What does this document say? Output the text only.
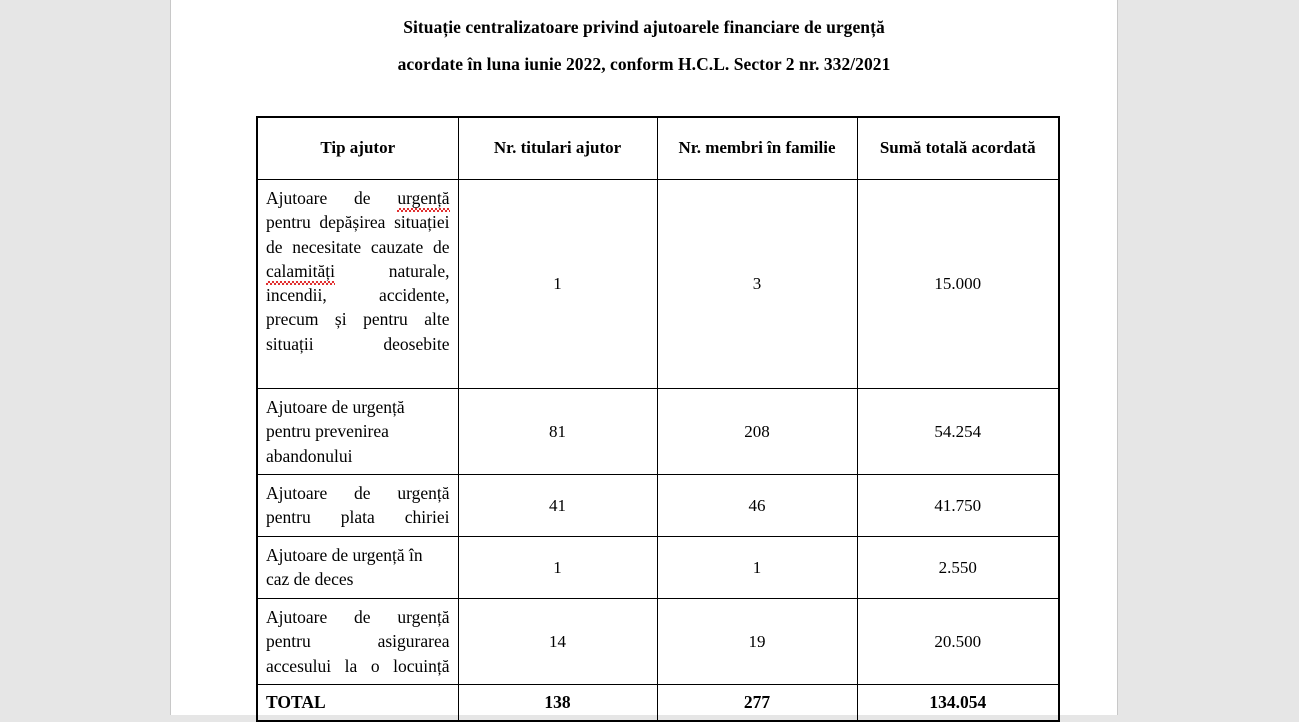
Situație centralizatoare privind ajutoarele financiare de urgență
acordate în luna iunie 2022, conform H.C.L. Sector 2 nr. 332/2021
Tip ajutor	Nr. titulari ajutor	Nr. membri în familie	Sumă totală acordată
Ajutoare de urgență pentru depășirea situației de necesitate cauzate de calamități naturale, incendii, accidente, precum și pentru alte situații deosebite	1	3	15.000
Ajutoare de urgență pentru prevenirea abandonului	81	208	54.254
Ajutoare de urgență pentru plata chiriei	41	46	41.750
Ajutoare de urgență în caz de deces	1	1	2.550
Ajutoare de urgență pentru asigurarea accesului la o locuință	14	19	20.500
TOTAL	138	277	134.054
